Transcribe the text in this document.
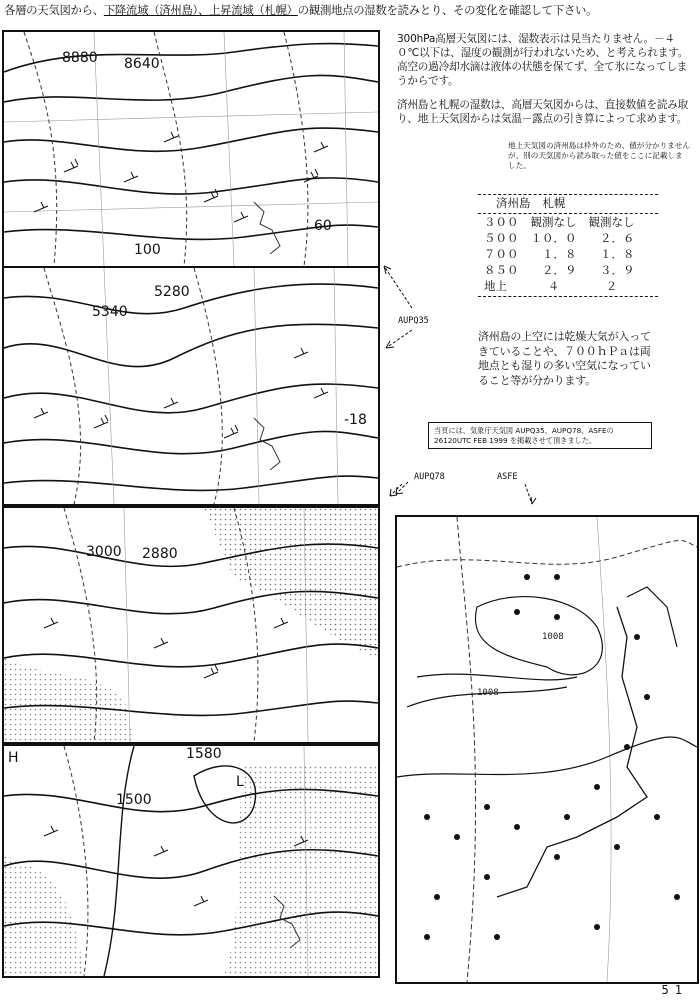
各層の天気図から、下降流域（済州島）、上昇流域（札幌）の観測地点の湿数を読みとり、その変化を確認して下さい。
8880 8640
100
60
5340
5280
-18
3000 2880
H
1500
1580
L
1008
1008
300hPa高層天気図には、湿数表示は見当たりません。－４０℃以下は、湿度の観測が行われないため、と考えられます。高空の過冷却水滴は液体の状態を保てず、全て氷になってしまうからです。
済州島と札幌の湿数は、高層天気図からは、直接数値を読み取り、地上天気図からは気温－露点の引き算によって求めます。
地上天気図の済州島は枠外のため、値が分かりませんが、別の天気図から読み取った値をここに記載しました。
	済州島	札幌
３００	観測なし	観測なし
５００	１０．０	２．６
７００	１．８	１．８
８５０	２．９	３．９
地上	４	２
AUPQ35
済州島の上空には乾燥大気が入ってきていることや、７００ｈＰａは両地点とも湿りの多い空気になっていること等が分かります。
当頁には、気象庁天気図 AUPQ35、AUPQ78、ASFEの26120UTC FEB 1999 を掲載させて頂きました。
AUPQ78	ASFE
51
